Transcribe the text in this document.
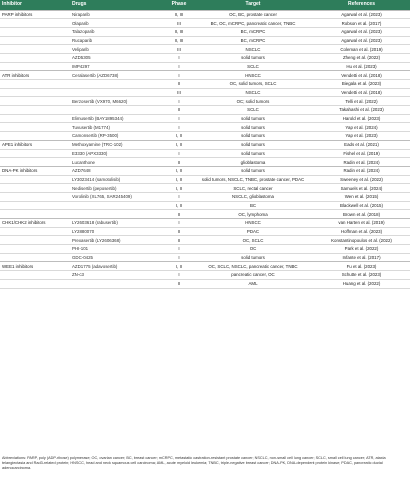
Inhibitor	Drugs	Phase	Target	References
PARP inhibitors	Niraparib	II, III	OC, BC, prostate cancer	Agarwal et al. (2023)
	Olaparib	III	BC, OC, mCRPC, pancreatic cancer, TNBC	Robson et al. (2017)
	Talazoparib	II, III	BC, mCRPC	Agarwal et al. (2023)
	Rucaparib	II, III	BC, mCRPC	Agarwal et al. (2023)
	Veliparib	III	NSCLC	Coleman et al. (2019)
	AZD5305	I	solid tumors	Zheng et al. (2022)
	IMP4297	I	SCLC	Hu et al. (2023)
ATR inhibitors	Ceralasertib (AZD6738)	I	HNSCC	Vendetti et al. (2018)
		II	OC, solid tumors, SCLC	Biegala et al. (2023)
		III	NSCLC	Vendetti et al. (2018)
	Berzosertib (VX970, M6620)	I	OC; solid tumors	Telli et al. (2022)
		II	SCLC	Takahashi et al. (2023)
	Elimusertib (BAY1895344)	I	solid tumors	Harold et al. (2023)
	Tuvusertib (M1774)	I	solid tumors	Yap et al. (2024)
	Camonsertib (RP-3500)	I, II	solid tumors	Yap et al. (2023)
APE1 inhibitors	Methoxyamine (TRC-102)	I, II	solid tumors	Eads et al. (2021)
	E3330 (APX3330)	I	solid tumors	Fishel et al. (2019)
	Lucanthone	II	glioblastoma	Radin et al. (2024)
DNA-PK inhibitors	AZD7648	I, II	solid tumors	Radin et al. (2024)
	LY3023414 (samotolisib)	I, II	solid tumors, NSCLC, TNBC, prostate cancer, PDAC	Sweeney et al. (2022)
	Nedisertib (peposertib)	I, II	SCLC, rectal cancer	Samuels et al. (2024)
	Vorolinib (XL765, SAR245409)	I	NSCLC, glioblastoma	Wen et al. (2015)
		I, II	BC	Blackwell et al. (2015)
		II	OC, lymphoma	Brown et al. (2018)
CHK1/CHK2 inhibitors	LY2603618 (rabusertib)	I	HNSCC	van Harten et al. (2019)
	LY2880070	II	PDAC	Hoffman et al. (2023)
	Prexasertib (LY2606368)	II	OC, SCLC	Konstantinopoulos et al. (2022)
	PHI-101	I	OC	Park et al. (2022)
	GDC-0425	I	solid tumors	Infante et al. (2017)
WEE1 inhibitors	AZD1775 (adavosertib)	I, II	OC, SCLC, NSCLC, pancreatic cancer, TNBC	Fu et al. (2023)
	ZN-c3	I	pancreatic cancer, OC	Schutte et al. (2023)
		II	AML	Huang et al. (2022)
Abbreviations: PARP, poly (ADP-ribose) polymerase; OC, ovarian cancer; BC, breast cancer; mCRPC, metastatic castration-resistant prostate cancer; NSCLC, non-small cell lung cancer; SCLC, small cell lung cancer; ATR, ataxia telangiectasia and Rad3-related protein; HNSCC, head and neck squamous cell carcinoma; AML, acute myeloid leukemia; TNBC, triple-negative breast cancer; DNA-PK, DNA-dependent protein kinase; PDAC, pancreatic ductal adenocarcinoma.
